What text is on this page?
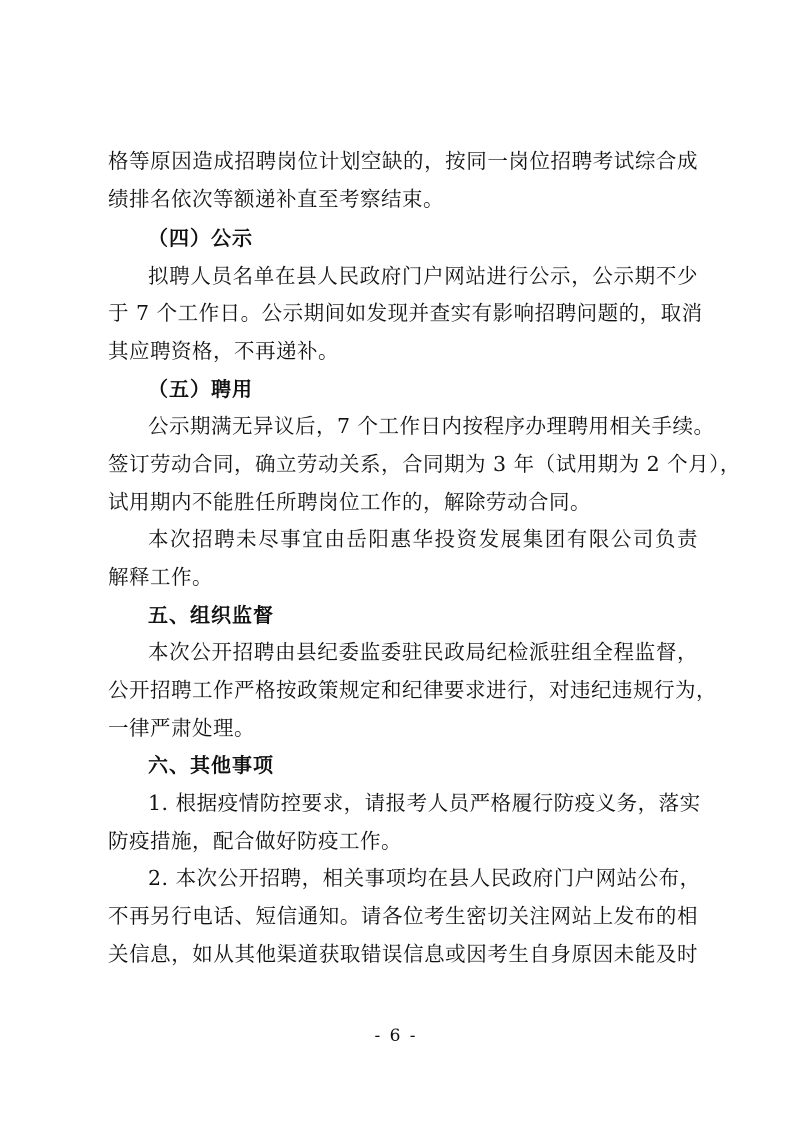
格等原因造成招聘岗位计划空缺的，按同一岗位招聘考试综合成
绩排名依次等额递补直至考察结束。
（四）公示
拟聘人员名单在县人民政府门户网站进行公示，公示期不少
于 7 个工作日。公示期间如发现并查实有影响招聘问题的，取消
其应聘资格，不再递补。
（五）聘用
公示期满无异议后，7 个工作日内按程序办理聘用相关手续。
签订劳动合同，确立劳动关系，合同期为 3 年（试用期为 2 个月），
试用期内不能胜任所聘岗位工作的，解除劳动合同。
本次招聘未尽事宜由岳阳惠华投资发展集团有限公司负责
解释工作。
五、组织监督
本次公开招聘由县纪委监委驻民政局纪检派驻组全程监督，
公开招聘工作严格按政策规定和纪律要求进行，对违纪违规行为，
一律严肃处理。
六、其他事项
1. 根据疫情防控要求，请报考人员严格履行防疫义务，落实
防疫措施，配合做好防疫工作。
2. 本次公开招聘，相关事项均在县人民政府门户网站公布，
不再另行电话、短信通知。请各位考生密切关注网站上发布的相
关信息，如从其他渠道获取错误信息或因考生自身原因未能及时
- 6 -
